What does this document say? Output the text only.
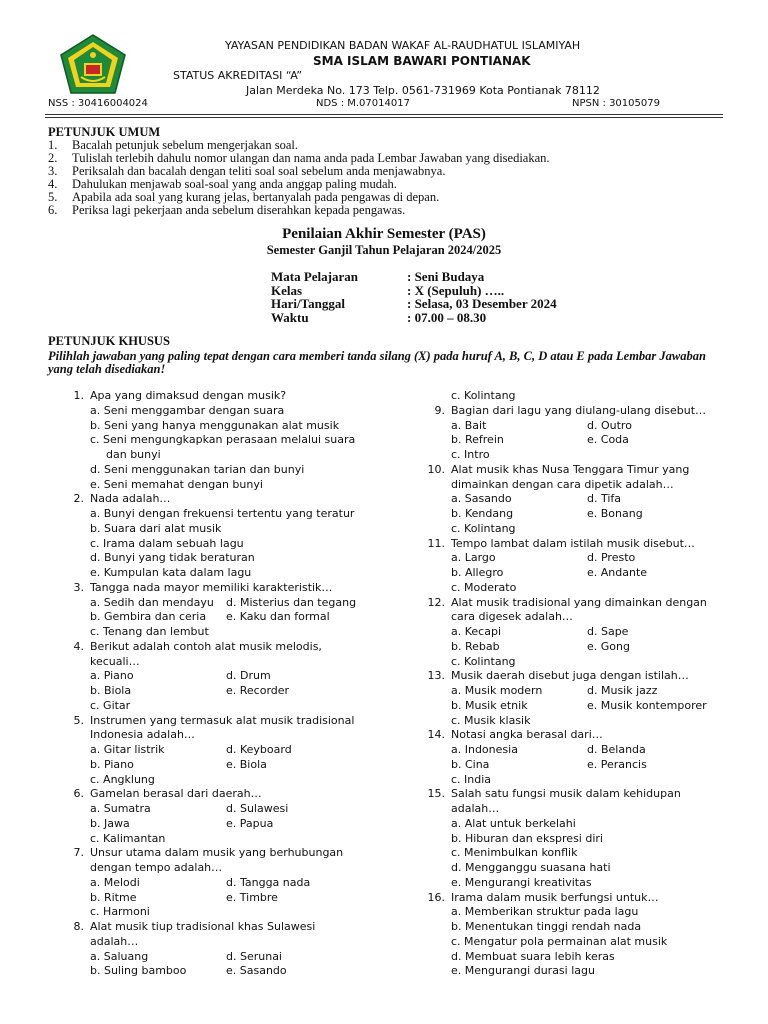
YAYASAN PENDIDIKAN BADAN WAKAF AL-RAUDHATUL ISLAMIYAH
SMA ISLAM BAWARI PONTIANAK
STATUS AKREDITASI “A”
Jalan Merdeka No. 173 Telp. 0561-731969 Kota Pontianak 78112
NSS : 30416004024	NDS : M.07014017	NPSN : 30105079
PETUNJUK UMUM
1. Bacalah petunjuk sebelum mengerjakan soal.
2. Tulislah terlebih dahulu nomor ulangan dan nama anda pada Lembar Jawaban yang disediakan.
3. Periksalah dan bacalah dengan teliti soal soal sebelum anda menjawabnya.
4. Dahulukan menjawab soal-soal yang anda anggap paling mudah.
5. Apabila ada soal yang kurang jelas, bertanyalah pada pengawas di depan.
6. Periksa lagi pekerjaan anda sebelum diserahkan kepada pengawas.
Penilaian Akhir Semester (PAS)
Semester Ganjil Tahun Pelajaran 2024/2025
Mata Pelajaran	: Seni Budaya
Kelas	: X (Sepuluh) …..
Hari/Tanggal	: Selasa, 03 Desember 2024
Waktu	: 07.00 – 08.30
PETUNJUK KHUSUS
Pilihlah jawaban yang paling tepat dengan cara memberi tanda silang (X) pada huruf A, B, C, D atau E pada Lembar Jawaban yang telah disediakan!
1. Apa yang dimaksud dengan musik?
a. Seni menggambar dengan suara
b. Seni yang hanya menggunakan alat musik
c. Seni mengungkapkan perasaan melalui suara
dan bunyi
d. Seni menggunakan tarian dan bunyi
e. Seni memahat dengan bunyi
2. Nada adalah…
a. Bunyi dengan frekuensi tertentu yang teratur
b. Suara dari alat musik
c. Irama dalam sebuah lagu
d. Bunyi yang tidak beraturan
e. Kumpulan kata dalam lagu
3. Tangga nada mayor memiliki karakteristik…
a. Sedih dan mendayu d. Misterius dan tegang
b. Gembira dan ceria e. Kaku dan formal
c. Tenang dan lembut
4. Berikut adalah contoh alat musik melodis,
kecuali…
a. Piano	d. Drum
b. Biola	e. Recorder
c. Gitar
5. Instrumen yang termasuk alat musik tradisional
Indonesia adalah…
a. Gitar listrik	d. Keyboard
b. Piano	e. Biola
c. Angklung
6. Gamelan berasal dari daerah…
a. Sumatra	d. Sulawesi
b. Jawa	e. Papua
c. Kalimantan
7. Unsur utama dalam musik yang berhubungan
dengan tempo adalah…
a. Melodi	d. Tangga nada
b. Ritme	e. Timbre
c. Harmoni
8. Alat musik tiup tradisional khas Sulawesi
adalah…
a. Saluang	d. Serunai
b. Suling bamboo	e. Sasando
c. Kolintang
9. Bagian dari lagu yang diulang-ulang disebut…
a. Bait	d. Outro
b. Refrein	e. Coda
c. Intro
10. Alat musik khas Nusa Tenggara Timur yang
dimainkan dengan cara dipetik adalah…
a. Sasando	d. Tifa
b. Kendang	e. Bonang
c. Kolintang
11. Tempo lambat dalam istilah musik disebut…
a. Largo	d. Presto
b. Allegro	e. Andante
c. Moderato
12. Alat musik tradisional yang dimainkan dengan
cara digesek adalah…
a. Kecapi	d. Sape
b. Rebab	e. Gong
c. Kolintang
13. Musik daerah disebut juga dengan istilah…
a. Musik modern	d. Musik jazz
b. Musik etnik	e. Musik kontemporer
c. Musik klasik
14. Notasi angka berasal dari…
a. Indonesia	d. Belanda
b. Cina	e. Perancis
c. India
15. Salah satu fungsi musik dalam kehidupan
adalah…
a. Alat untuk berkelahi
b. Hiburan dan ekspresi diri
c. Menimbulkan konflik
d. Mengganggu suasana hati
e. Mengurangi kreativitas
16. Irama dalam musik berfungsi untuk…
a. Memberikan struktur pada lagu
b. Menentukan tinggi rendah nada
c. Mengatur pola permainan alat musik
d. Membuat suara lebih keras
e. Mengurangi durasi lagu
